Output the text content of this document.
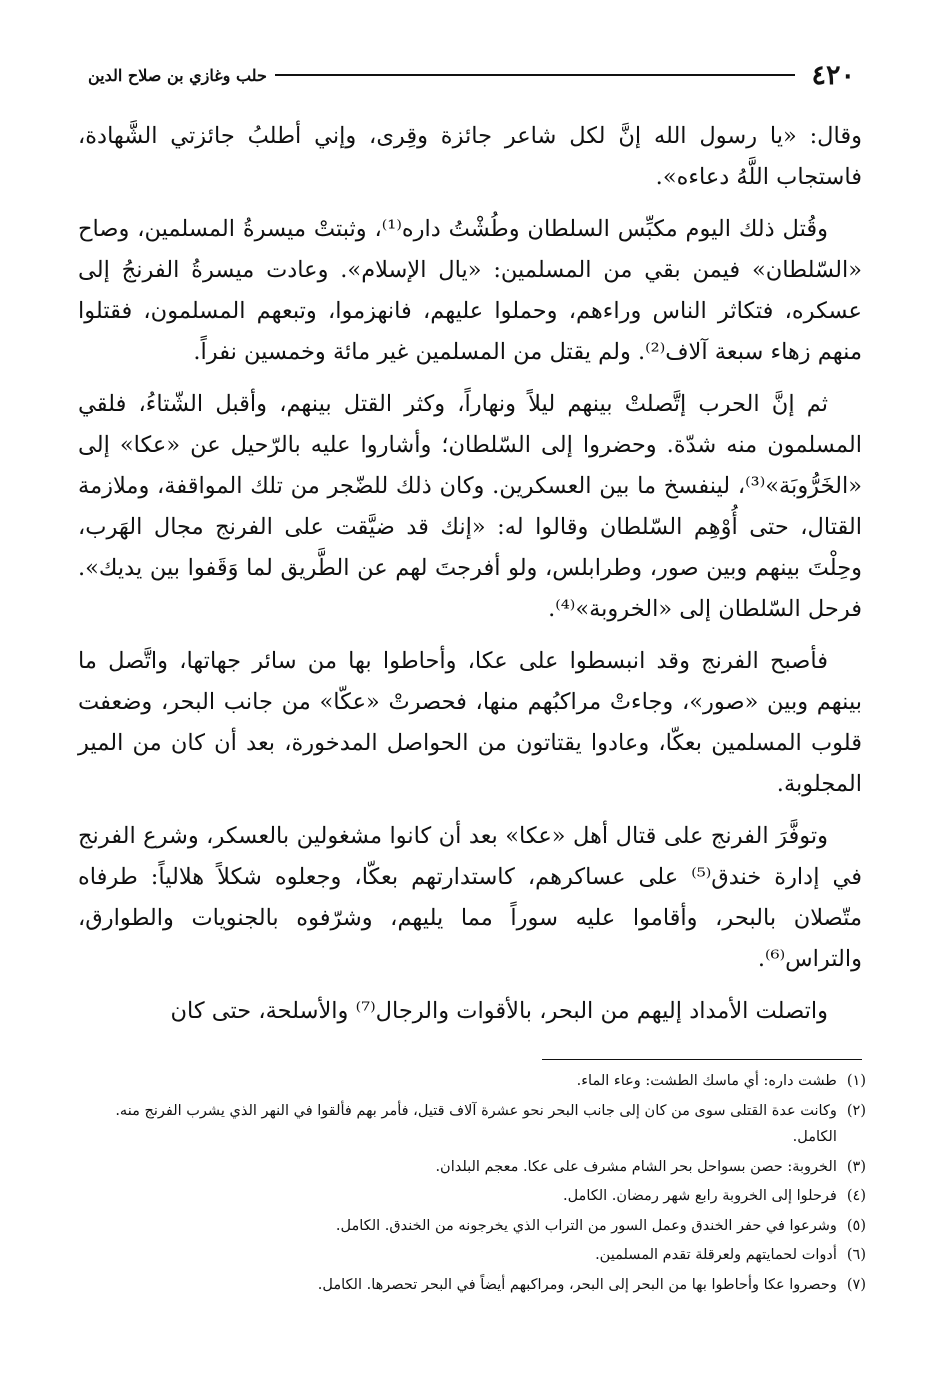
٤٢٠
حلب وغازي بن صلاح الدين

وقال: «يا رسول الله إنَّ لكل شاعر جائزة وقِرى، وإني أطلبُ جائزتي الشَّهادة، فاستجاب اللَّهُ دعاءه».

وقُتل ذلك اليوم مكبِّس السلطان وطُشْتُ داره⁽¹⁾، وثبتتْ ميسرةُ المسلمين، وصاح «السّلطان» فيمن بقي من المسلمين: «يال الإسلام». وعادت ميسرةُ الفرنجُ إلى عسكره، فتكاثر الناس وراءهم، وحملوا عليهم، فانهزموا، وتبعهم المسلمون، فقتلوا منهم زهاء سبعة آلاف⁽²⁾. ولم يقتل من المسلمين غير مائة وخمسين نفراً.

ثم إنَّ الحرب إتَّصلتْ بينهم ليلاً ونهاراً، وكثر القتل بينهم، وأقبل الشّتاءُ، فلقي المسلمون منه شدّة. وحضروا إلى السّلطان؛ وأشاروا عليه بالرّحيل عن «عكا» إلى «الخَرُّوبَة»⁽³⁾، لينفسخ ما بين العسكرين. وكان ذلك للضّجر من تلك المواقفة، وملازمة القتال، حتى أُوْهِم السّلطان وقالوا له: «إنك قد ضيَّقت على الفرنج مجال الهَرب، وحِلْتَ بينهم وبين صور، وطرابلس، ولو أفرجتَ لهم عن الطَّريق لما وَقَفوا بين يديك». فرحل السّلطان إلى «الخروبة»⁽⁴⁾.

فأصبح الفرنج وقد انبسطوا على عكا، وأحاطوا بها من سائر جهاتها، واتَّصل ما بينهم وبين «صور»، وجاءتْ مراكبُهم منها، فحصرتْ «عكّا» من جانب البحر، وضعفت قلوب المسلمين بعكّا، وعادوا يقتاتون من الحواصل المدخورة، بعد أن كان من المير المجلوبة.

وتوفَّرَ الفرنج على قتال أهل «عكا» بعد أن كانوا مشغولين بالعسكر، وشرع الفرنج في إدارة خندق⁽⁵⁾ على عساكرهم، كاستدارتهم بعكّا، وجعلوه شكلاً هلالياً: طرفاه متّصلان بالبحر، وأقاموا عليه سوراً مما يليهم، وشرّفوه بالجنويات والطوارق، والتراس⁽⁶⁾.

واتصلت الأمداد إليهم من البحر، بالأقوات والرجال⁽⁷⁾ والأسلحة، حتى كان

(١)
طشت داره: أي ماسك الطشت: وعاء الماء.
(٢)
وكانت عدة القتلى سوى من كان إلى جانب البحر نحو عشرة آلاف قتيل، فأمر بهم فألقوا في النهر الذي يشرب الفرنج منه. الكامل.
(٣)
الخروبة: حصن بسواحل بحر الشام مشرف على عكا. معجم البلدان.
(٤)
فرحلوا إلى الخروبة رابع شهر رمضان. الكامل.
(٥)
وشرعوا في حفر الخندق وعمل السور من التراب الذي يخرجونه من الخندق. الكامل.
(٦)
أدوات لحمايتهم ولعرقلة تقدم المسلمين.
(٧)
وحصروا عكا وأحاطوا بها من البحر إلى البحر، ومراكبهم أيضاً في البحر تحصرها. الكامل.
